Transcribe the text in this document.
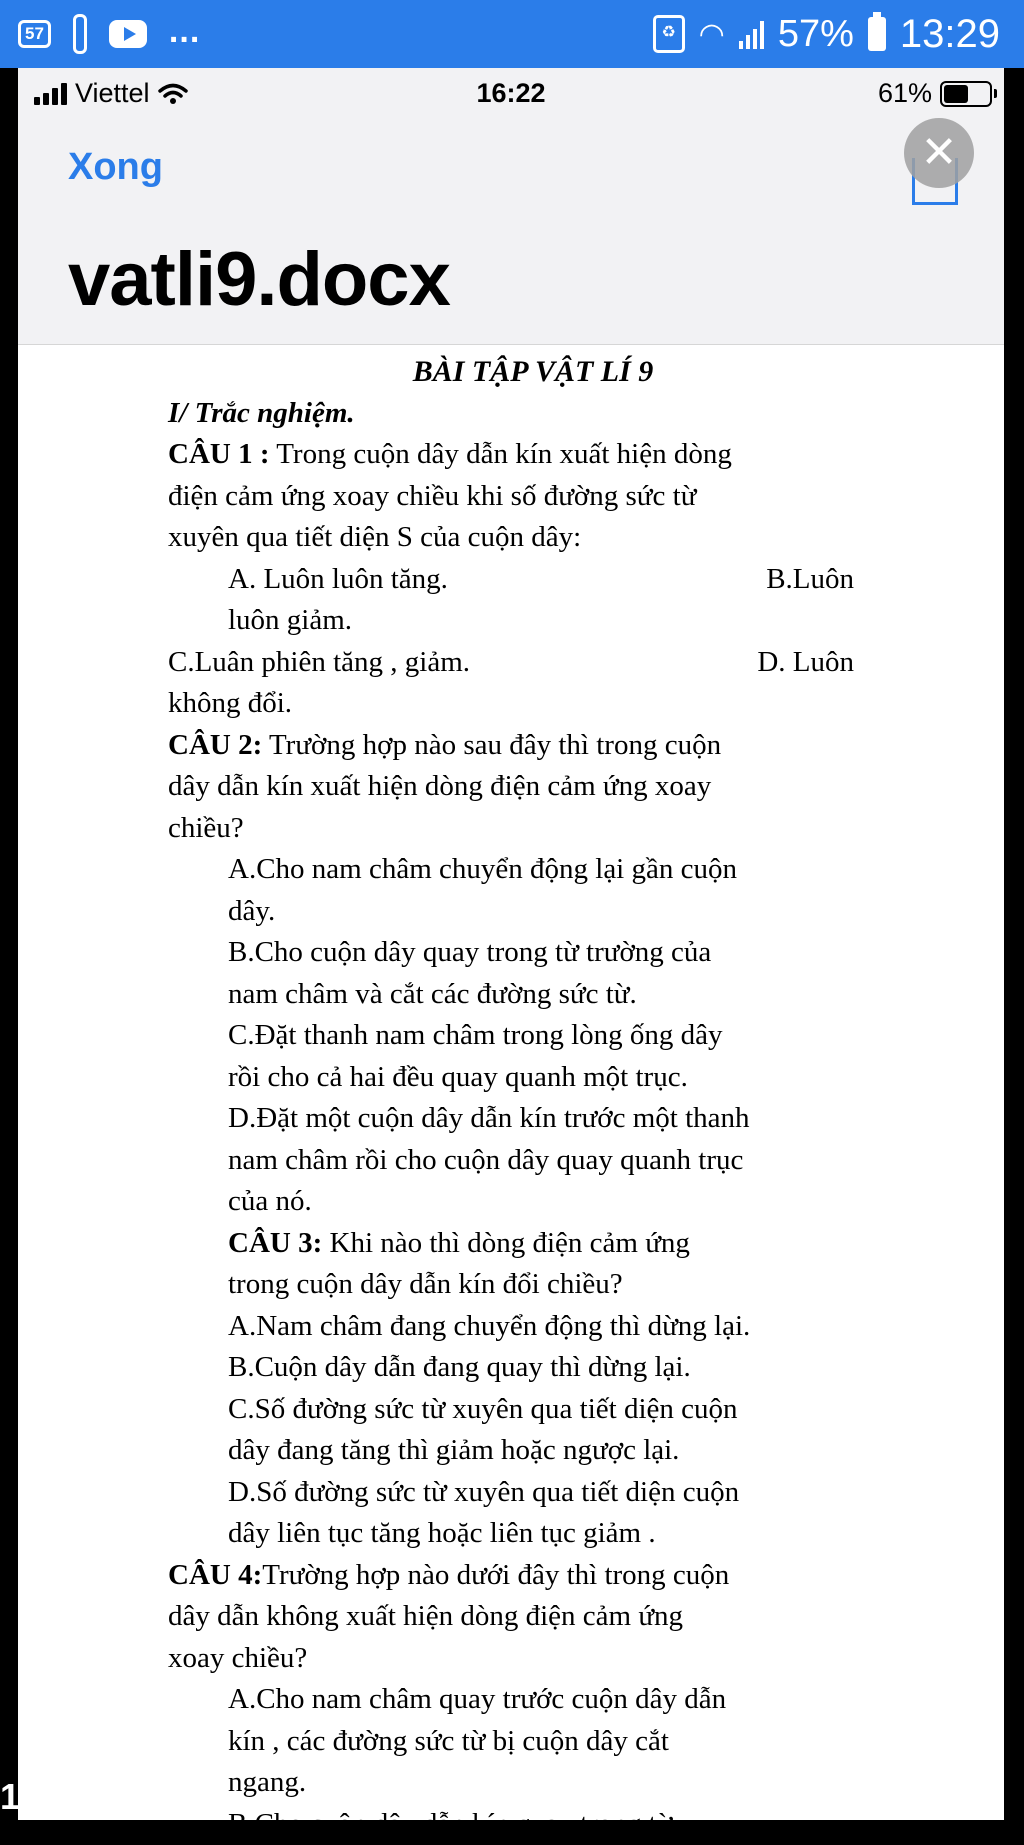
57	...	♻ ◠ 57% 13:29
Viettel	16:22	61%
Xong	✕
vatli9.docx
BÀI TẬP VẬT LÍ 9
I/ Trắc nghiệm.
CÂU 1 : Trong cuộn dây dẫn kín xuất hiện dòng
điện cảm ứng xoay chiều khi số đường sức từ
xuyên qua tiết diện S của cuộn dây:
A. Luôn luôn tăng.	B.Luôn
luôn giảm.
C.Luân phiên tăng , giảm.	D. Luôn
không đổi.
CÂU 2: Trường hợp nào sau đây thì trong cuộn
dây dẫn kín xuất hiện dòng điện cảm ứng xoay
chiều?
A.Cho nam châm chuyển động lại gần cuộn
dây.
B.Cho cuộn dây quay trong từ trường của
nam châm và cắt các đường sức từ.
C.Đặt thanh nam châm trong lòng ống dây
rồi cho cả hai đều quay quanh một trục.
D.Đặt một cuộn dây dẫn kín trước một thanh
nam châm rồi cho cuộn dây quay quanh trục
của nó.
CÂU 3: Khi nào thì dòng điện cảm ứng
trong cuộn dây dẫn kín đổi chiều?
A.Nam châm đang chuyển động thì dừng lại.
B.Cuộn dây dẫn đang quay thì dừng lại.
C.Số đường sức từ xuyên qua tiết diện cuộn
dây đang tăng thì giảm hoặc ngược lại.
D.Số đường sức từ xuyên qua tiết diện cuộn
dây liên tục tăng hoặc liên tục giảm .
CÂU 4:Trường hợp nào dưới đây thì trong cuộn
dây dẫn không xuất hiện dòng điện cảm ứng
xoay chiều?
A.Cho nam châm quay trước cuộn dây dẫn
kín , các đường sức từ bị cuộn dây cắt
ngang.
B.Cho cuộn dây dẫn kín quay trong từ
1
